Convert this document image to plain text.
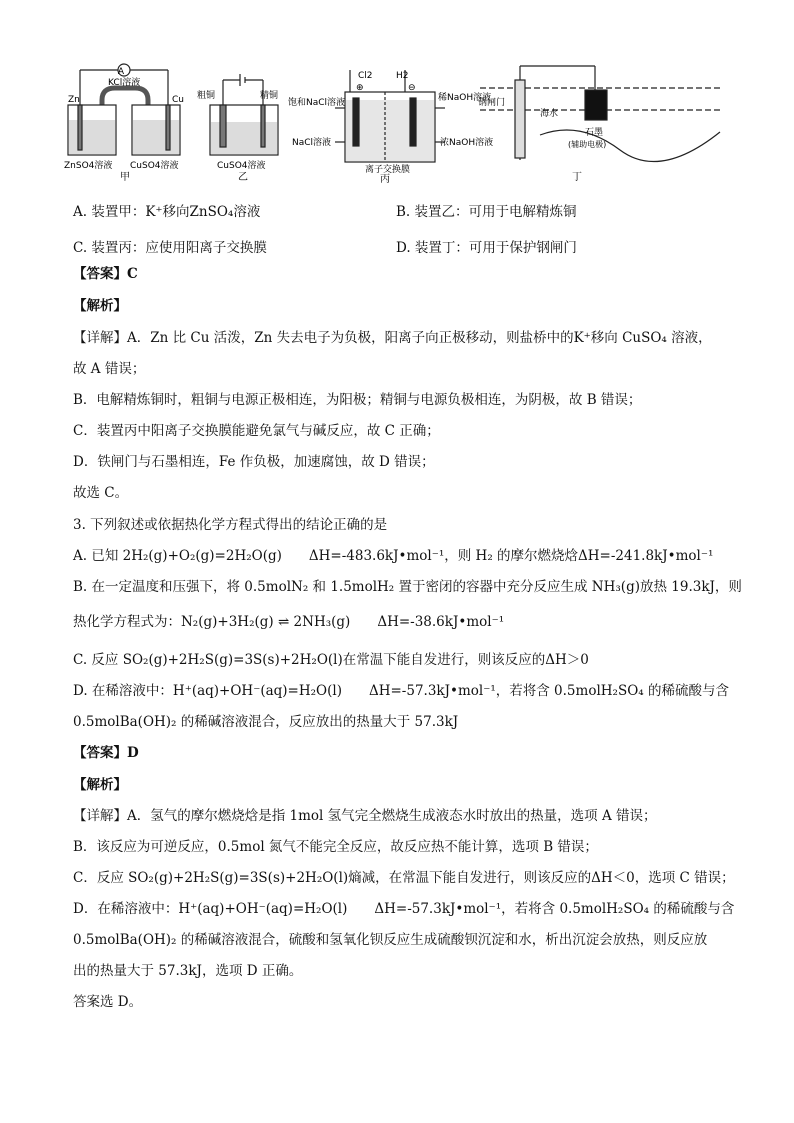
A
KCl溶液
Zn	Cu
ZnSO4溶液 CuSO4溶液
甲
粗铜	精铜
CuSO4溶液
乙
Cl2	H2
⊕	⊖
饱和NaCl溶液	稀NaOH溶液
NaCl溶液	浓NaOH溶液
离子交换膜
丙
钢闸门
海水
石墨
(辅助电极)
丁
A. 装置甲：K⁺移向ZnSO₄溶液	B. 装置乙：可用于电解精炼铜
C. 装置丙：应使用阳离子交换膜	D. 装置丁：可用于保护钢闸门
【答案】C
【解析】
【详解】A．Zn 比 Cu 活泼，Zn 失去电子为负极，阳离子向正极移动，则盐桥中的K⁺移向 CuSO₄ 溶液，
故 A 错误；
B．电解精炼铜时，粗铜与电源正极相连，为阳极；精铜与电源负极相连，为阴极，故 B 错误；
C．装置丙中阳离子交换膜能避免氯气与碱反应，故 C 正确；
D．铁闸门与石墨相连，Fe 作负极，加速腐蚀，故 D 错误；
故选 C。
3. 下列叙述或依据热化学方程式得出的结论正确的是
A. 已知 2H₂(g)+O₂(g)=2H₂O(g)　　ΔH=-483.6kJ•mol⁻¹，则 H₂ 的摩尔燃烧焓ΔH=-241.8kJ•mol⁻¹
B. 在一定温度和压强下，将 0.5molN₂ 和 1.5molH₂ 置于密闭的容器中充分反应生成 NH₃(g)放热 19.3kJ，则
热化学方程式为：N₂(g)+3H₂(g) ⇌ 2NH₃(g)　　ΔH=-38.6kJ•mol⁻¹
C. 反应 SO₂(g)+2H₂S(g)=3S(s)+2H₂O(l)在常温下能自发进行，则该反应的ΔH＞0
D. 在稀溶液中：H⁺(aq)+OH⁻(aq)=H₂O(l)　　ΔH=-57.3kJ•mol⁻¹，若将含 0.5molH₂SO₄ 的稀硫酸与含
0.5molBa(OH)₂ 的稀碱溶液混合，反应放出的热量大于 57.3kJ
【答案】D
【解析】
【详解】A．氢气的摩尔燃烧焓是指 1mol 氢气完全燃烧生成液态水时放出的热量，选项 A 错误；
B．该反应为可逆反应，0.5mol 氮气不能完全反应，故反应热不能计算，选项 B 错误；
C．反应 SO₂(g)+2H₂S(g)=3S(s)+2H₂O(l)熵减，在常温下能自发进行，则该反应的ΔH＜0，选项 C 错误；
D．在稀溶液中：H⁺(aq)+OH⁻(aq)=H₂O(l)　　ΔH=-57.3kJ•mol⁻¹，若将含 0.5molH₂SO₄ 的稀硫酸与含
0.5molBa(OH)₂ 的稀碱溶液混合，硫酸和氢氧化钡反应生成硫酸钡沉淀和水，析出沉淀会放热，则反应放
出的热量大于 57.3kJ，选项 D 正确。
答案选 D。
